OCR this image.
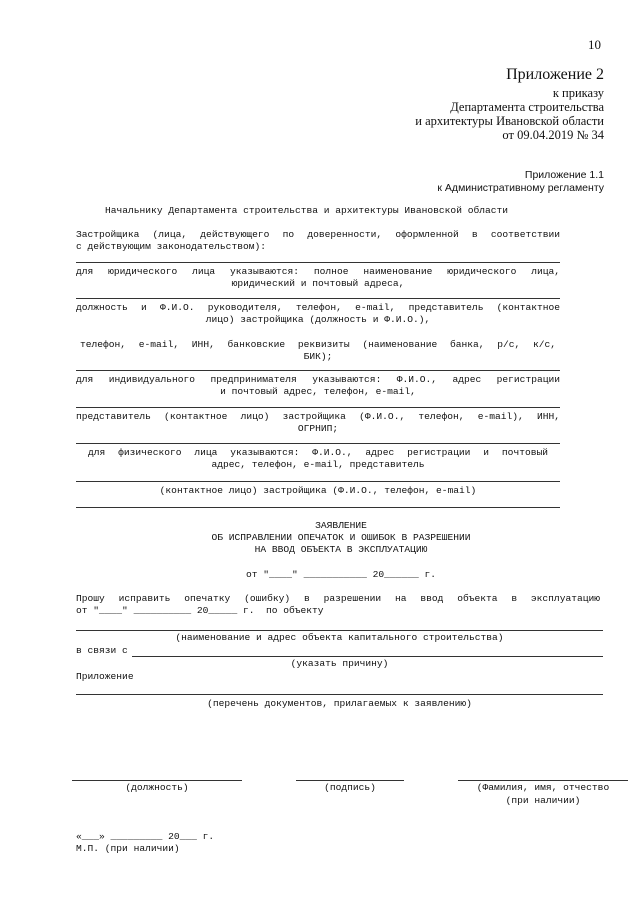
10
Приложение 2
к приказу
Департамента строительства
и архитектуры Ивановской области
от 09.04.2019 № 34
Приложение 1.1
к Административному регламенту
Начальнику Департамента строительства и архитектуры Ивановской области
Застройщика (лица, действующего по доверенности, оформленной в соответствии
с действующим законодательством):
для юридического лица указываются: полное наименование юридического лица,
юридический и почтовый адреса,
должность и Ф.И.О. руководителя, телефон, e-mail, представитель (контактное
лицо) застройщика (должность и Ф.И.О.),
телефон, e-mail, ИНН, банковские реквизиты (наименование банка, р/с, к/с,
БИК);
для индивидуального предпринимателя указываются: Ф.И.О., адрес регистрации
и почтовый адрес, телефон, e-mail,
представитель (контактное лицо) застройщика (Ф.И.О., телефон, e-mail), ИНН,
ОГРНИП;
для физического лица указываются: Ф.И.О., адрес регистрации и почтовый
адрес, телефон, e-mail, представитель
(контактное лицо) застройщика (Ф.И.О., телефон, e-mail)
ЗАЯВЛЕНИЕ
ОБ ИСПРАВЛЕНИИ ОПЕЧАТОК И ОШИБОК В РАЗРЕШЕНИИ
НА ВВОД ОБЪЕКТА В ЭКСПЛУАТАЦИЮ
от "____" ___________ 20______ г.
Прошу исправить опечатку (ошибку) в разрешении на ввод объекта в эксплуатацию
от "____" __________ 20_____ г.  по объекту
(наименование и адрес объекта капитального строительства)
в связи с
(указать причину)
Приложение
(перечень документов, прилагаемых к заявлению)
(должность)	(подпись)	(Фамилия, имя, отчество
(при наличии)
«___» _________ 20___ г.
М.П. (при наличии)
